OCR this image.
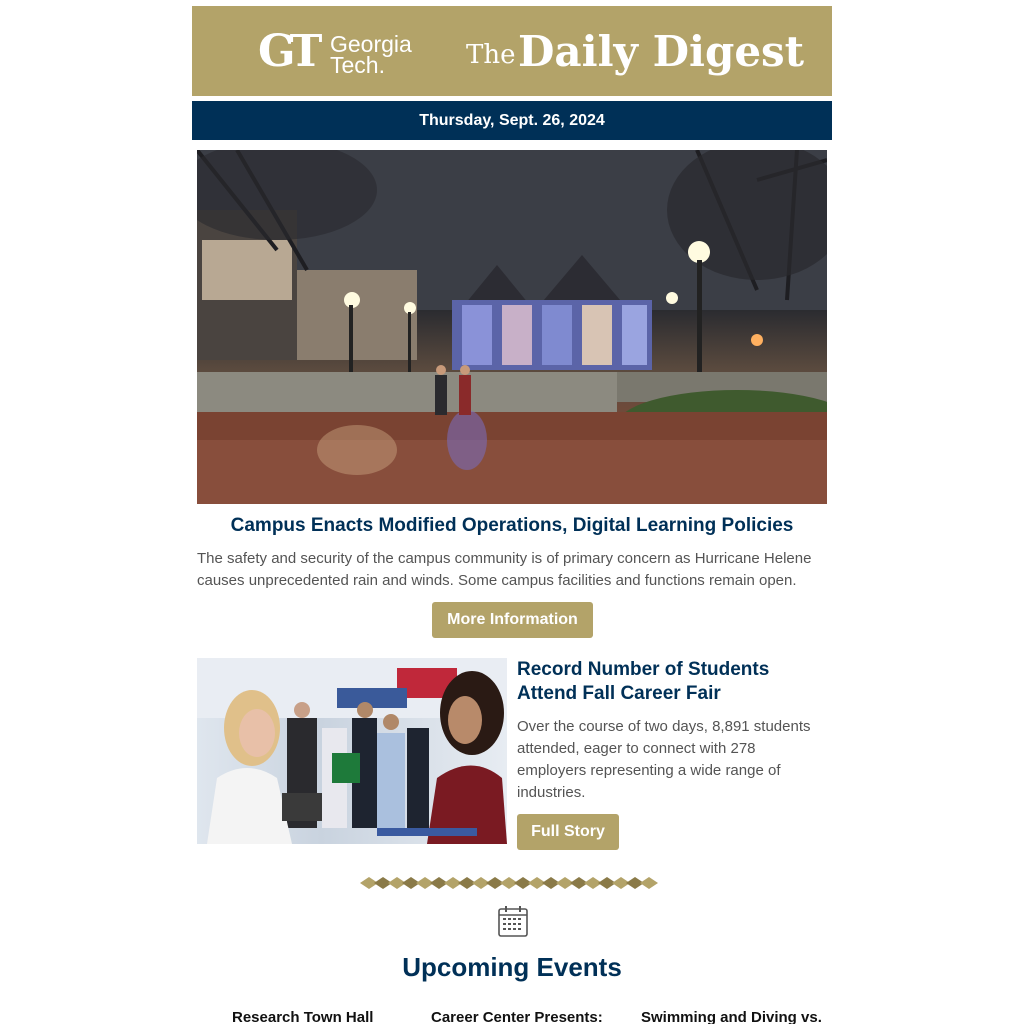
GT Georgia
Tech.	The Daily Digest
Thursday, Sept. 26, 2024
Campus Enacts Modified Operations, Digital Learning Policies
The safety and security of the campus community is of primary concern as Hurricane Helene causes unprecedented rain and winds. Some campus facilities and functions remain open.
More Information
Record Number of Students Attend Fall Career Fair
Over the course of two days, 8,891 students attended, eager to connect with 278 employers representing a wide range of industries.
Full Story
Upcoming Events
Research Town Hall	Career Center Presents:	Swimming and Diving vs.
